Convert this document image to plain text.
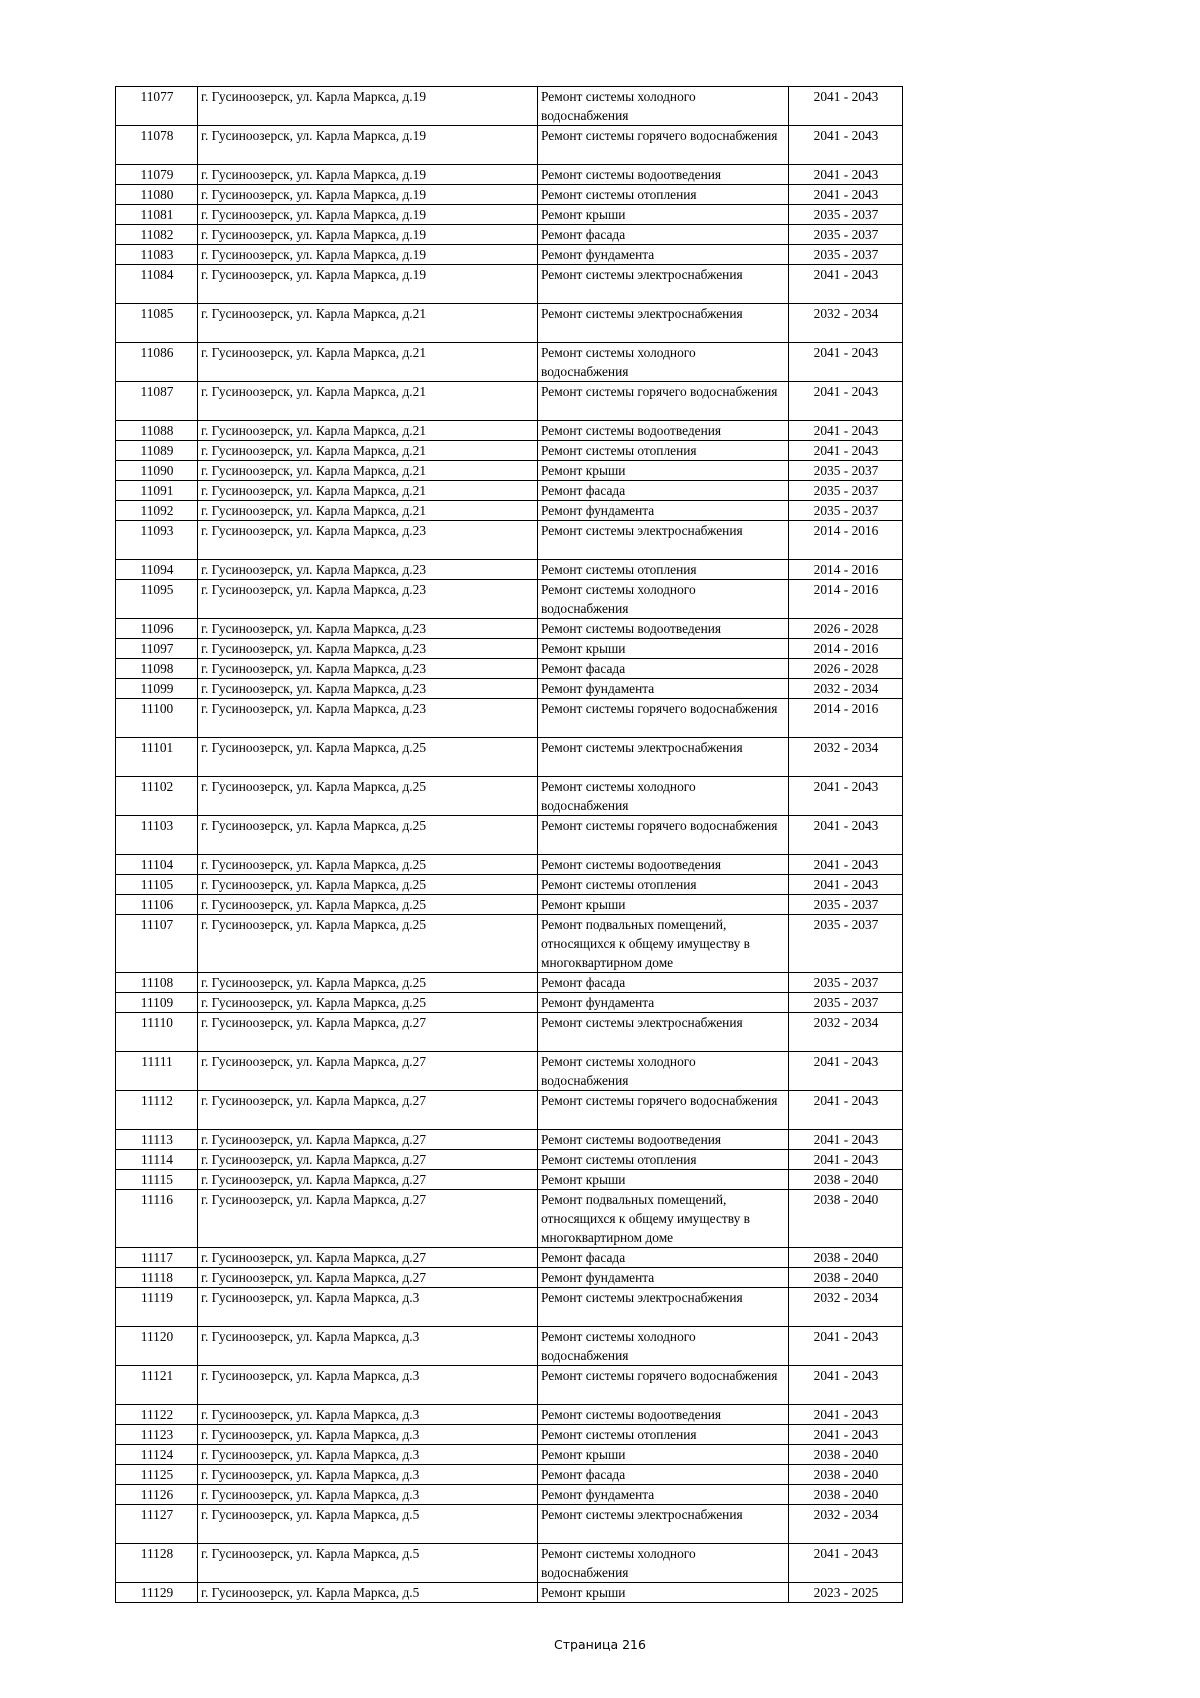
11077	г. Гусиноозерск, ул. Карла Маркса, д.19	Ремонт системы холодного водоснабжения	2041 - 2043
11078	г. Гусиноозерск, ул. Карла Маркса, д.19	Ремонт системы горячего водоснабжения	2041 - 2043
11079	г. Гусиноозерск, ул. Карла Маркса, д.19	Ремонт системы водоотведения	2041 - 2043
11080	г. Гусиноозерск, ул. Карла Маркса, д.19	Ремонт системы отопления	2041 - 2043
11081	г. Гусиноозерск, ул. Карла Маркса, д.19	Ремонт крыши	2035 - 2037
11082	г. Гусиноозерск, ул. Карла Маркса, д.19	Ремонт фасада	2035 - 2037
11083	г. Гусиноозерск, ул. Карла Маркса, д.19	Ремонт фундамента	2035 - 2037
11084	г. Гусиноозерск, ул. Карла Маркса, д.19	Ремонт системы электроснабжения	2041 - 2043
11085	г. Гусиноозерск, ул. Карла Маркса, д.21	Ремонт системы электроснабжения	2032 - 2034
11086	г. Гусиноозерск, ул. Карла Маркса, д.21	Ремонт системы холодного водоснабжения	2041 - 2043
11087	г. Гусиноозерск, ул. Карла Маркса, д.21	Ремонт системы горячего водоснабжения	2041 - 2043
11088	г. Гусиноозерск, ул. Карла Маркса, д.21	Ремонт системы водоотведения	2041 - 2043
11089	г. Гусиноозерск, ул. Карла Маркса, д.21	Ремонт системы отопления	2041 - 2043
11090	г. Гусиноозерск, ул. Карла Маркса, д.21	Ремонт крыши	2035 - 2037
11091	г. Гусиноозерск, ул. Карла Маркса, д.21	Ремонт фасада	2035 - 2037
11092	г. Гусиноозерск, ул. Карла Маркса, д.21	Ремонт фундамента	2035 - 2037
11093	г. Гусиноозерск, ул. Карла Маркса, д.23	Ремонт системы электроснабжения	2014 - 2016
11094	г. Гусиноозерск, ул. Карла Маркса, д.23	Ремонт системы отопления	2014 - 2016
11095	г. Гусиноозерск, ул. Карла Маркса, д.23	Ремонт системы холодного водоснабжения	2014 - 2016
11096	г. Гусиноозерск, ул. Карла Маркса, д.23	Ремонт системы водоотведения	2026 - 2028
11097	г. Гусиноозерск, ул. Карла Маркса, д.23	Ремонт крыши	2014 - 2016
11098	г. Гусиноозерск, ул. Карла Маркса, д.23	Ремонт фасада	2026 - 2028
11099	г. Гусиноозерск, ул. Карла Маркса, д.23	Ремонт фундамента	2032 - 2034
11100	г. Гусиноозерск, ул. Карла Маркса, д.23	Ремонт системы горячего водоснабжения	2014 - 2016
11101	г. Гусиноозерск, ул. Карла Маркса, д.25	Ремонт системы электроснабжения	2032 - 2034
11102	г. Гусиноозерск, ул. Карла Маркса, д.25	Ремонт системы холодного водоснабжения	2041 - 2043
11103	г. Гусиноозерск, ул. Карла Маркса, д.25	Ремонт системы горячего водоснабжения	2041 - 2043
11104	г. Гусиноозерск, ул. Карла Маркса, д.25	Ремонт системы водоотведения	2041 - 2043
11105	г. Гусиноозерск, ул. Карла Маркса, д.25	Ремонт системы отопления	2041 - 2043
11106	г. Гусиноозерск, ул. Карла Маркса, д.25	Ремонт крыши	2035 - 2037
11107	г. Гусиноозерск, ул. Карла Маркса, д.25	Ремонт подвальных помещений, относящихся к общему имуществу в многоквартирном доме	2035 - 2037
11108	г. Гусиноозерск, ул. Карла Маркса, д.25	Ремонт фасада	2035 - 2037
11109	г. Гусиноозерск, ул. Карла Маркса, д.25	Ремонт фундамента	2035 - 2037
11110	г. Гусиноозерск, ул. Карла Маркса, д.27	Ремонт системы электроснабжения	2032 - 2034
11111	г. Гусиноозерск, ул. Карла Маркса, д.27	Ремонт системы холодного водоснабжения	2041 - 2043
11112	г. Гусиноозерск, ул. Карла Маркса, д.27	Ремонт системы горячего водоснабжения	2041 - 2043
11113	г. Гусиноозерск, ул. Карла Маркса, д.27	Ремонт системы водоотведения	2041 - 2043
11114	г. Гусиноозерск, ул. Карла Маркса, д.27	Ремонт системы отопления	2041 - 2043
11115	г. Гусиноозерск, ул. Карла Маркса, д.27	Ремонт крыши	2038 - 2040
11116	г. Гусиноозерск, ул. Карла Маркса, д.27	Ремонт подвальных помещений, относящихся к общему имуществу в многоквартирном доме	2038 - 2040
11117	г. Гусиноозерск, ул. Карла Маркса, д.27	Ремонт фасада	2038 - 2040
11118	г. Гусиноозерск, ул. Карла Маркса, д.27	Ремонт фундамента	2038 - 2040
11119	г. Гусиноозерск, ул. Карла Маркса, д.3	Ремонт системы электроснабжения	2032 - 2034
11120	г. Гусиноозерск, ул. Карла Маркса, д.3	Ремонт системы холодного водоснабжения	2041 - 2043
11121	г. Гусиноозерск, ул. Карла Маркса, д.3	Ремонт системы горячего водоснабжения	2041 - 2043
11122	г. Гусиноозерск, ул. Карла Маркса, д.3	Ремонт системы водоотведения	2041 - 2043
11123	г. Гусиноозерск, ул. Карла Маркса, д.3	Ремонт системы отопления	2041 - 2043
11124	г. Гусиноозерск, ул. Карла Маркса, д.3	Ремонт крыши	2038 - 2040
11125	г. Гусиноозерск, ул. Карла Маркса, д.3	Ремонт фасада	2038 - 2040
11126	г. Гусиноозерск, ул. Карла Маркса, д.3	Ремонт фундамента	2038 - 2040
11127	г. Гусиноозерск, ул. Карла Маркса, д.5	Ремонт системы электроснабжения	2032 - 2034
11128	г. Гусиноозерск, ул. Карла Маркса, д.5	Ремонт системы холодного водоснабжения	2041 - 2043
11129	г. Гусиноозерск, ул. Карла Маркса, д.5	Ремонт крыши	2023 - 2025
Страница 216
